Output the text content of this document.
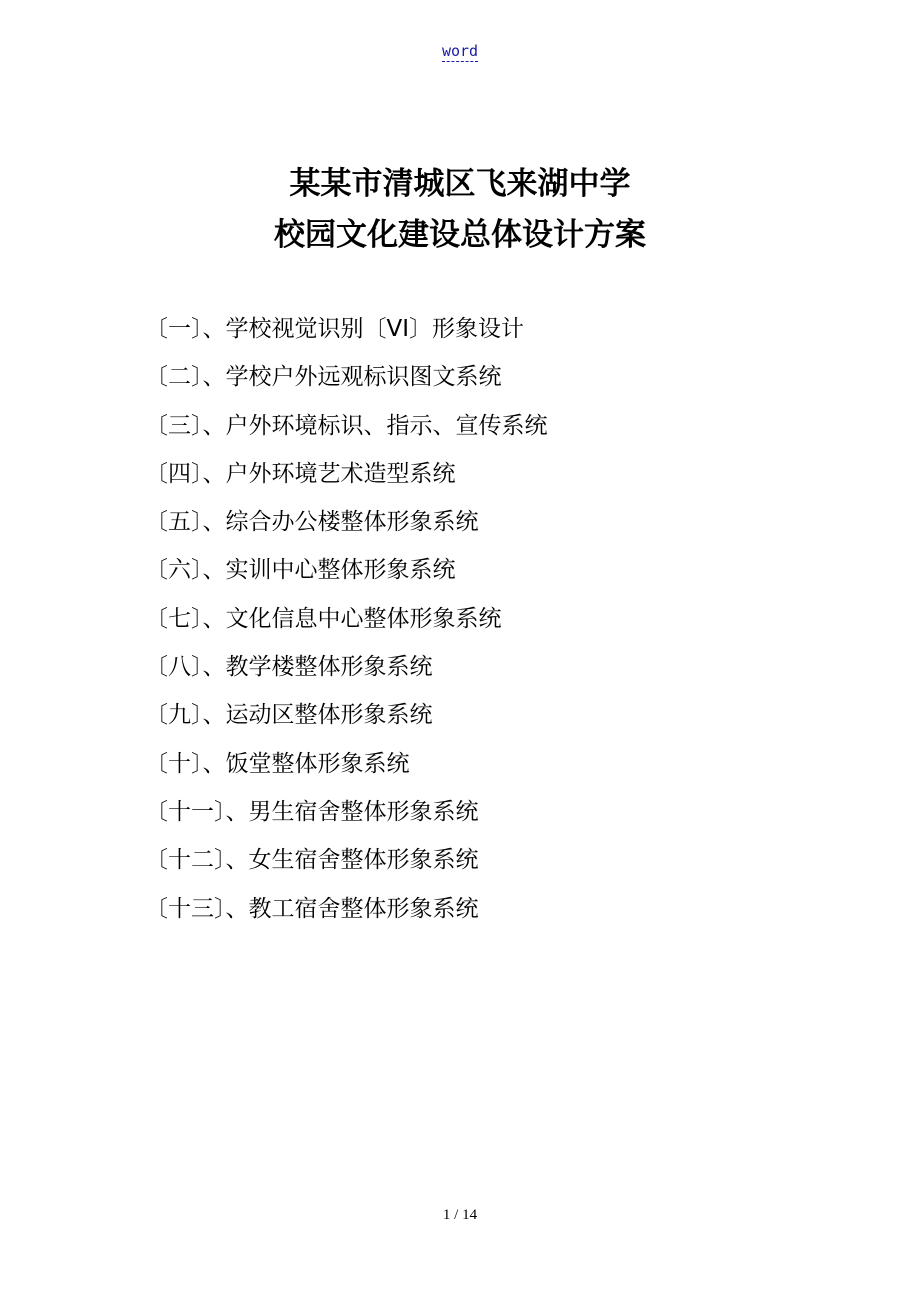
word
某某市清城区飞来湖中学
校园文化建设总体设计方案
〔一〕、学校视觉识别〔VI〕形象设计
〔二〕、学校户外远观标识图文系统
〔三〕、户外环境标识、指示、宣传系统
〔四〕、户外环境艺术造型系统
〔五〕、综合办公楼整体形象系统
〔六〕、实训中心整体形象系统
〔七〕、文化信息中心整体形象系统
〔八〕、教学楼整体形象系统
〔九〕、运动区整体形象系统
〔十〕、饭堂整体形象系统
〔十一〕、男生宿舍整体形象系统
〔十二〕、女生宿舍整体形象系统
〔十三〕、教工宿舍整体形象系统
1 / 14
